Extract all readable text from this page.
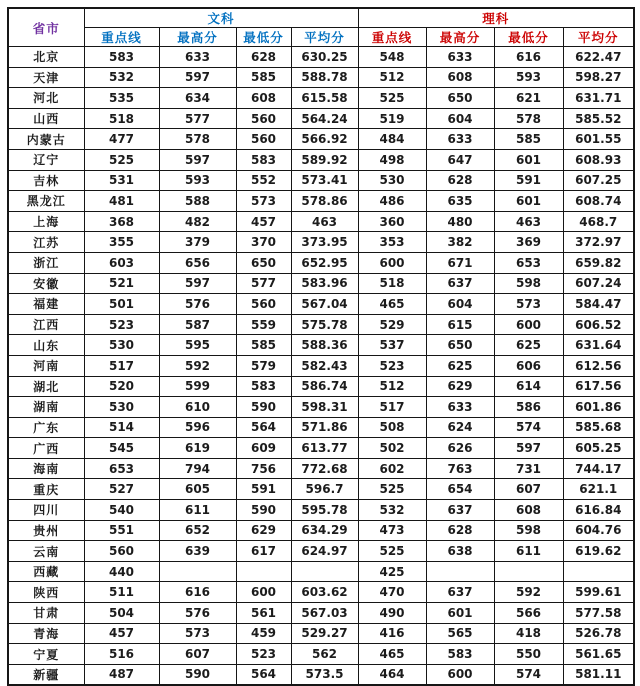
省市	文科				理科			
	重点线	最高分	最低分	平均分	重点线	最高分	最低分	平均分
北京	583	633	628	630.25	548	633	616	622.47
天津	532	597	585	588.78	512	608	593	598.27
河北	535	634	608	615.58	525	650	621	631.71
山西	518	577	560	564.24	519	604	578	585.52
内蒙古	477	578	560	566.92	484	633	585	601.55
辽宁	525	597	583	589.92	498	647	601	608.93
吉林	531	593	552	573.41	530	628	591	607.25
黑龙江	481	588	573	578.86	486	635	601	608.74
上海	368	482	457	463	360	480	463	468.7
江苏	355	379	370	373.95	353	382	369	372.97
浙江	603	656	650	652.95	600	671	653	659.82
安徽	521	597	577	583.96	518	637	598	607.24
福建	501	576	560	567.04	465	604	573	584.47
江西	523	587	559	575.78	529	615	600	606.52
山东	530	595	585	588.36	537	650	625	631.64
河南	517	592	579	582.43	523	625	606	612.56
湖北	520	599	583	586.74	512	629	614	617.56
湖南	530	610	590	598.31	517	633	586	601.86
广东	514	596	564	571.86	508	624	574	585.68
广西	545	619	609	613.77	502	626	597	605.25
海南	653	794	756	772.68	602	763	731	744.17
重庆	527	605	591	596.7	525	654	607	621.1
四川	540	611	590	595.78	532	637	608	616.84
贵州	551	652	629	634.29	473	628	598	604.76
云南	560	639	617	624.97	525	638	611	619.62
西藏	440				425			
陕西	511	616	600	603.62	470	637	592	599.61
甘肃	504	576	561	567.03	490	601	566	577.58
青海	457	573	459	529.27	416	565	418	526.78
宁夏	516	607	523	562	465	583	550	561.65
新疆	487	590	564	573.5	464	600	574	581.11
